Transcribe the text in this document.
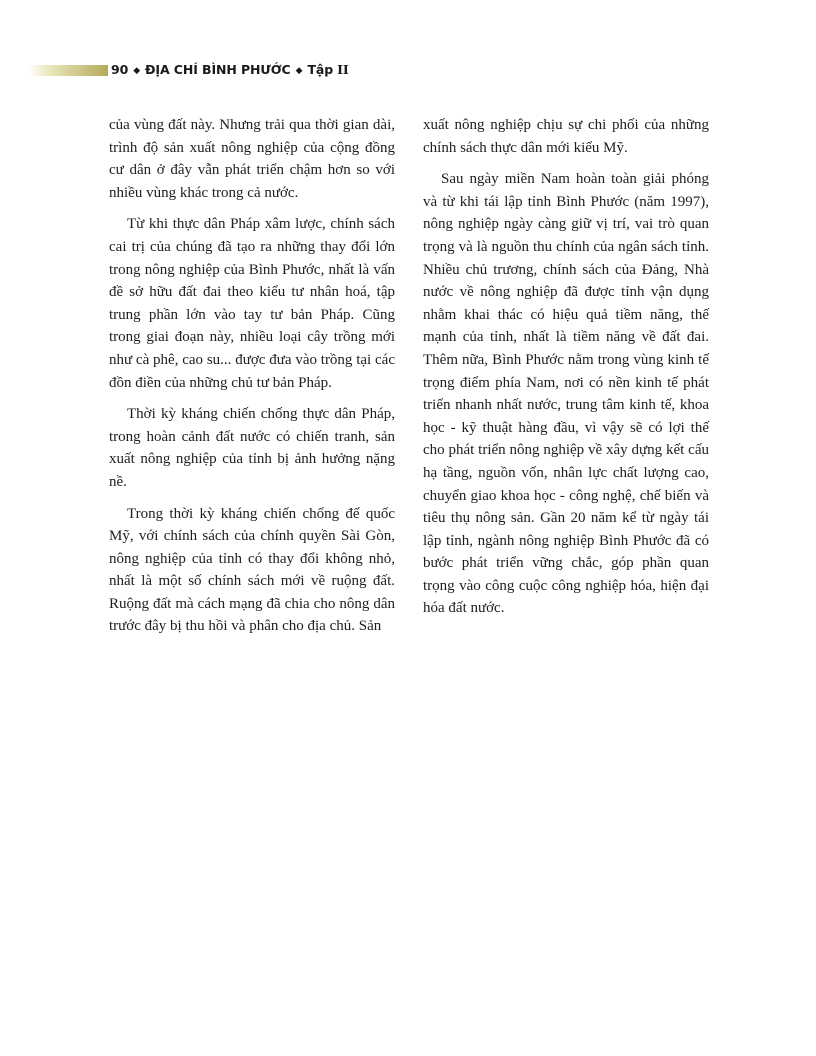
90 ◆ ĐỊA CHÍ BÌNH PHƯỚC ◆ Tập II

của vùng đất này. Nhưng trải qua thời gian dài, trình độ sản xuất nông nghiệp của cộng đồng cư dân ở đây vẫn phát triển chậm hơn so với nhiều vùng khác trong cả nước.

Từ khi thực dân Pháp xâm lược, chính sách cai trị của chúng đã tạo ra những thay đổi lớn trong nông nghiệp của Bình Phước, nhất là vấn đề sở hữu đất đai theo kiểu tư nhân hoá, tập trung phần lớn vào tay tư bản Pháp. Cũng trong giai đoạn này, nhiều loại cây trồng mới như cà phê, cao su... được đưa vào trồng tại các đồn điền của những chủ tư bản Pháp.

Thời kỳ kháng chiến chống thực dân Pháp, trong hoàn cảnh đất nước có chiến tranh, sản xuất nông nghiệp của tỉnh bị ảnh hưởng nặng nề.

Trong thời kỳ kháng chiến chống đế quốc Mỹ, với chính sách của chính quyền Sài Gòn, nông nghiệp của tỉnh có thay đổi không nhỏ, nhất là một số chính sách mới về ruộng đất. Ruộng đất mà cách mạng đã chia cho nông dân trước đây bị thu hồi và phân cho địa chủ. Sản

xuất nông nghiệp chịu sự chi phối của những chính sách thực dân mới kiểu Mỹ.

Sau ngày miền Nam hoàn toàn giải phóng và từ khi tái lập tỉnh Bình Phước (năm 1997), nông nghiệp ngày càng giữ vị trí, vai trò quan trọng và là nguồn thu chính của ngân sách tỉnh. Nhiều chủ trương, chính sách của Đảng, Nhà nước về nông nghiệp đã được tỉnh vận dụng nhằm khai thác có hiệu quả tiềm năng, thế mạnh của tỉnh, nhất là tiềm năng về đất đai. Thêm nữa, Bình Phước nằm trong vùng kinh tế trọng điểm phía Nam, nơi có nền kinh tế phát triển nhanh nhất nước, trung tâm kinh tế, khoa học - kỹ thuật hàng đầu, vì vậy sẽ có lợi thế cho phát triển nông nghiệp về xây dựng kết cấu hạ tầng, nguồn vốn, nhân lực chất lượng cao, chuyển giao khoa học - công nghệ, chế biến và tiêu thụ nông sản. Gần 20 năm kể từ ngày tái lập tỉnh, ngành nông nghiệp Bình Phước đã có bước phát triển vững chắc, góp phần quan trọng vào công cuộc công nghiệp hóa, hiện đại hóa đất nước.
